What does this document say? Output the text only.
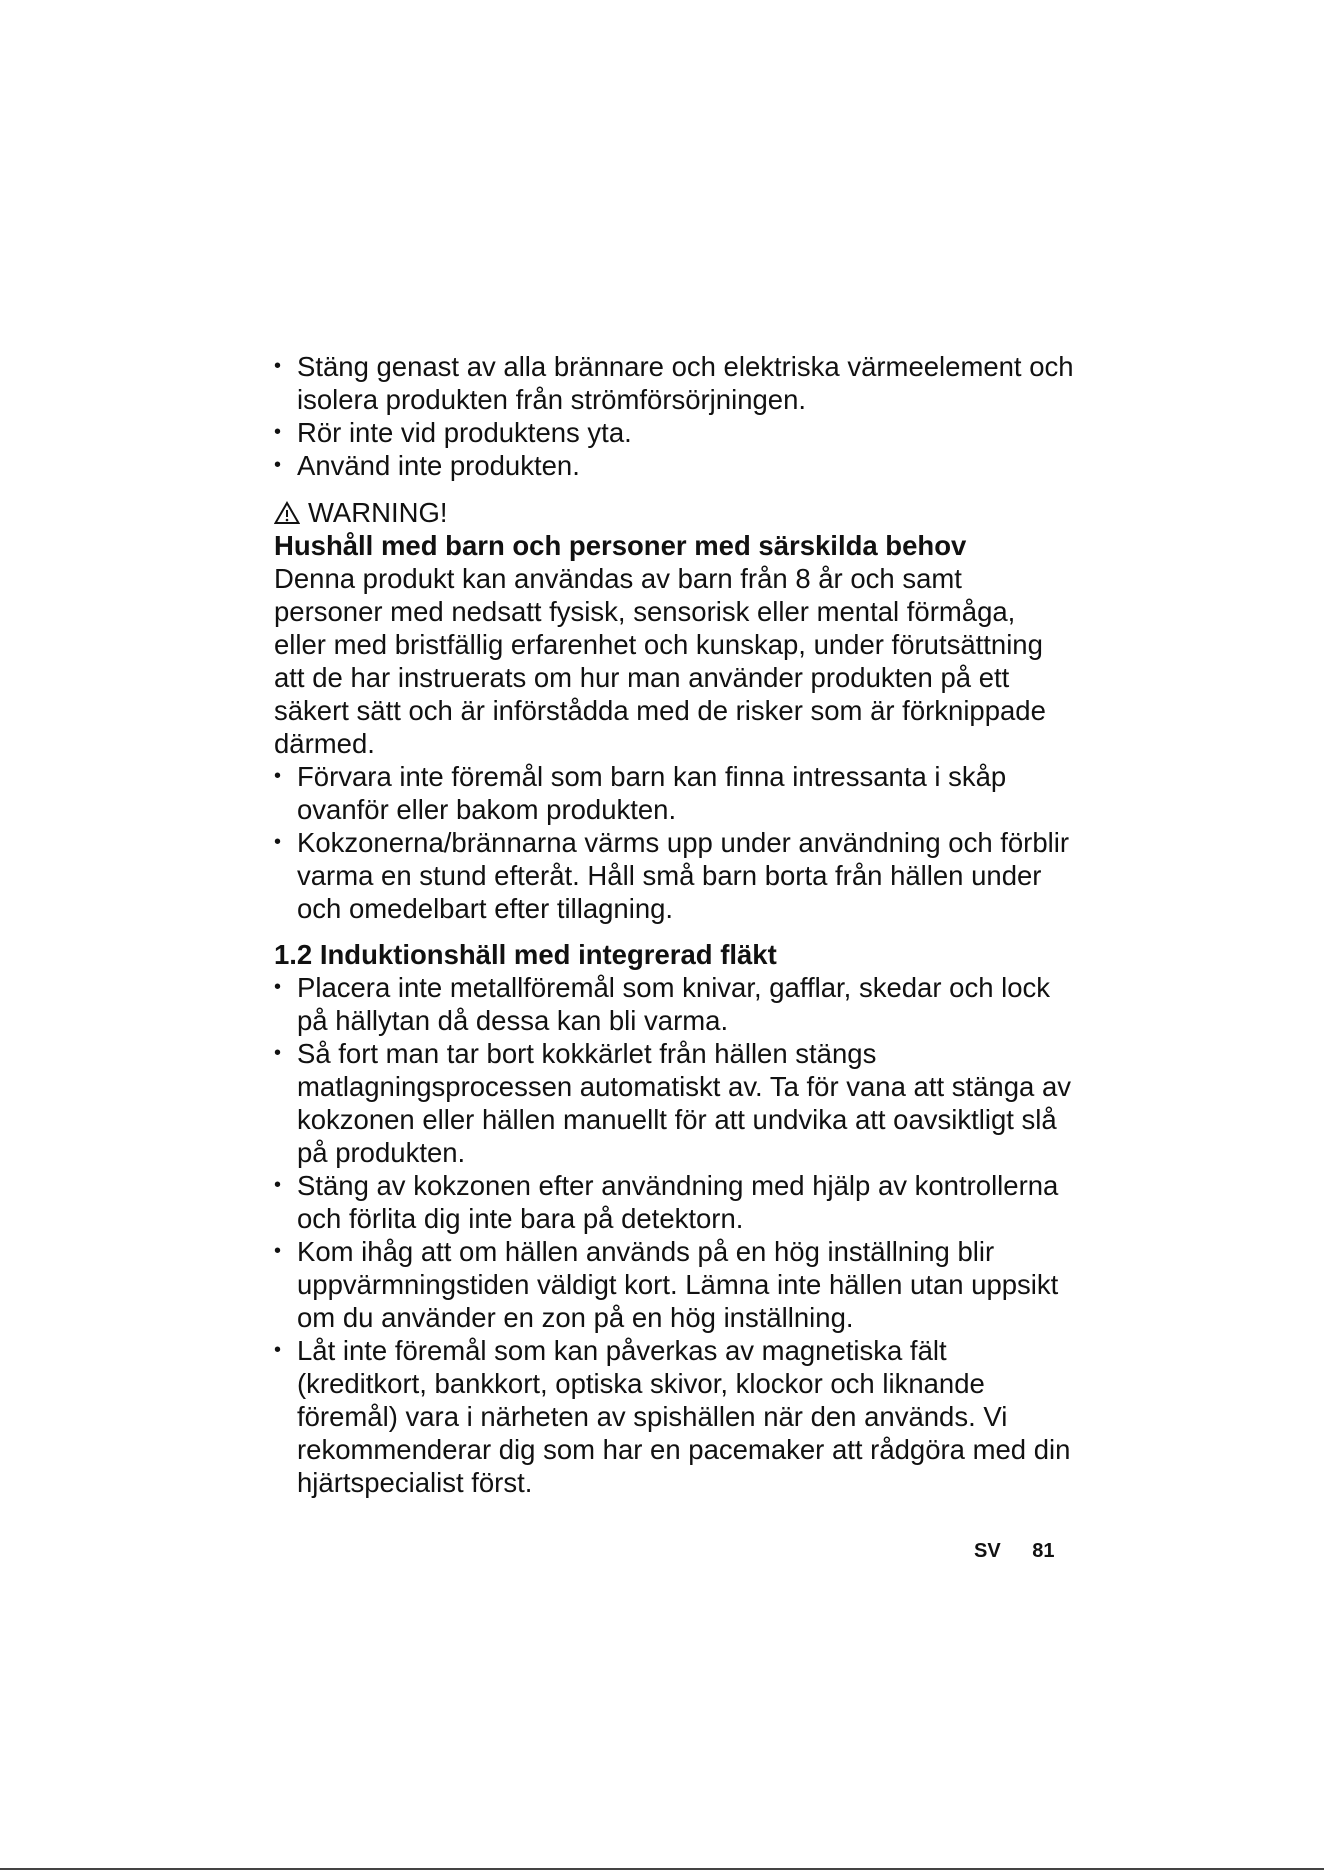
• Stäng genast av alla brännare och elektriska värmeelement och isolera produkten från strömförsörjningen.
• Rör inte vid produktens yta.
• Använd inte produkten.
WARNING!
Hushåll med barn och personer med särskilda behov

Denna produkt kan användas av barn från 8 år och samt personer med nedsatt fysisk, sensorisk eller mental förmåga, eller med bristfällig erfarenhet och kunskap, under förutsättning att de har instruerats om hur man använder produkten på ett säkert sätt och är införstådda med de risker som är förknippade därmed.

• Förvara inte föremål som barn kan finna intressanta i skåp ovanför eller bakom produkten.
• Kokzonerna/brännarna värms upp under användning och förblir varma en stund efteråt. Håll små barn borta från hällen under och omedelbart efter tillagning.
1.2 Induktionshäll med integrerad fläkt
• Placera inte metallföremål som knivar, gafflar, skedar och lock på hällytan då dessa kan bli varma.
• Så fort man tar bort kokkärlet från hällen stängs matlagningsprocessen automatiskt av. Ta för vana att stänga av kokzonen eller hällen manuellt för att undvika att oavsiktligt slå på produkten.
• Stäng av kokzonen efter användning med hjälp av kontrollerna och förlita dig inte bara på detektorn.
• Kom ihåg att om hällen används på en hög inställning blir uppvärmningstiden väldigt kort. Lämna inte hällen utan uppsikt om du använder en zon på en hög inställning.
• Låt inte föremål som kan påverkas av magnetiska fält (kreditkort, bankkort, optiska skivor, klockor och liknande föremål) vara i närheten av spishällen när den används. Vi rekommenderar dig som har en pacemaker att rådgöra med din hjärtspecialist först.
SV 81
